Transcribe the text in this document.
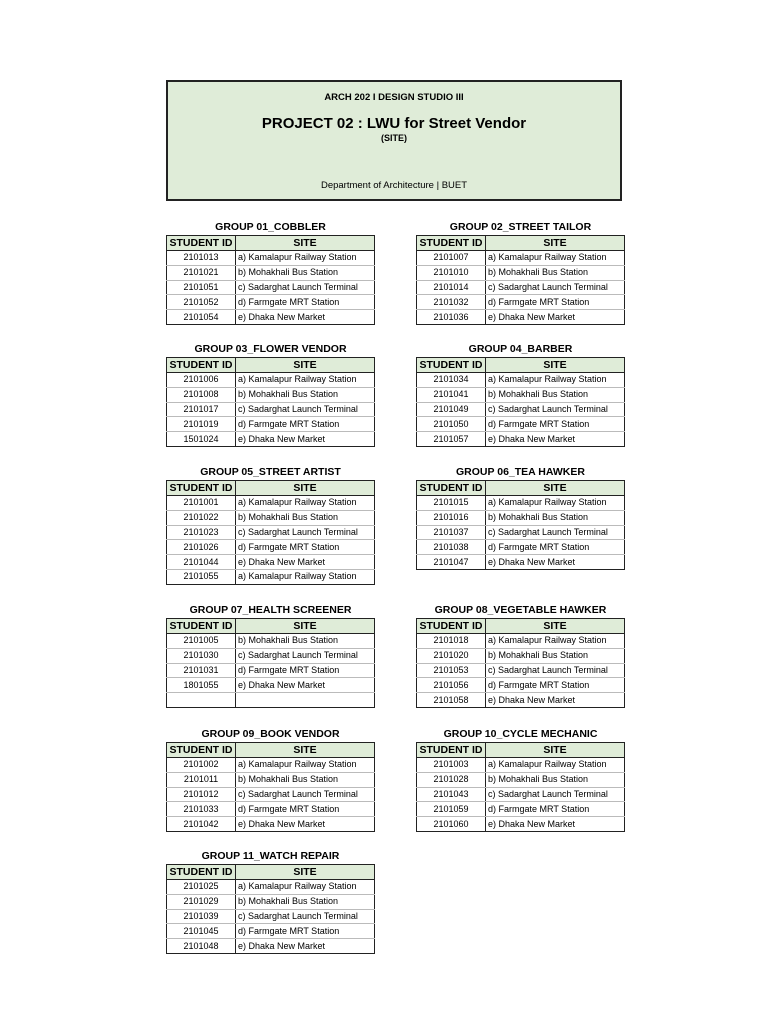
ARCH 202 I DESIGN STUDIO III
PROJECT 02 : LWU for Street Vendor
(SITE)
Department of Architecture | BUET
GROUP 01_COBBLER
STUDENT ID	SITE
2101013	a) Kamalapur Railway Station
2101021	b) Mohakhali Bus Station
2101051	c) Sadarghat Launch Terminal
2101052	d) Farmgate MRT Station
2101054	e) Dhaka New Market
GROUP 02_STREET TAILOR
STUDENT ID	SITE
2101007	a) Kamalapur Railway Station
2101010	b) Mohakhali Bus Station
2101014	c) Sadarghat Launch Terminal
2101032	d) Farmgate MRT Station
2101036	e) Dhaka New Market
GROUP 03_FLOWER VENDOR
STUDENT ID	SITE
2101006	a) Kamalapur Railway Station
2101008	b) Mohakhali Bus Station
2101017	c) Sadarghat Launch Terminal
2101019	d) Farmgate MRT Station
1501024	e) Dhaka New Market
GROUP 04_BARBER
STUDENT ID	SITE
2101034	a) Kamalapur Railway Station
2101041	b) Mohakhali Bus Station
2101049	c) Sadarghat Launch Terminal
2101050	d) Farmgate MRT Station
2101057	e) Dhaka New Market
GROUP 05_STREET ARTIST
STUDENT ID	SITE
2101001	a) Kamalapur Railway Station
2101022	b) Mohakhali Bus Station
2101023	c) Sadarghat Launch Terminal
2101026	d) Farmgate MRT Station
2101044	e) Dhaka New Market
2101055	a) Kamalapur Railway Station
GROUP 06_TEA HAWKER
STUDENT ID	SITE
2101015	a) Kamalapur Railway Station
2101016	b) Mohakhali Bus Station
2101037	c) Sadarghat Launch Terminal
2101038	d) Farmgate MRT Station
2101047	e) Dhaka New Market
GROUP 07_HEALTH SCREENER
STUDENT ID	SITE
2101005	b) Mohakhali Bus Station
2101030	c) Sadarghat Launch Terminal
2101031	d) Farmgate MRT Station
1801055	e) Dhaka New Market

GROUP 08_VEGETABLE HAWKER
STUDENT ID	SITE
2101018	a) Kamalapur Railway Station
2101020	b) Mohakhali Bus Station
2101053	c) Sadarghat Launch Terminal
2101056	d) Farmgate MRT Station
2101058	e) Dhaka New Market
GROUP 09_BOOK VENDOR
STUDENT ID	SITE
2101002	a) Kamalapur Railway Station
2101011	b) Mohakhali Bus Station
2101012	c) Sadarghat Launch Terminal
2101033	d) Farmgate MRT Station
2101042	e) Dhaka New Market
GROUP 10_CYCLE MECHANIC
STUDENT ID	SITE
2101003	a) Kamalapur Railway Station
2101028	b) Mohakhali Bus Station
2101043	c) Sadarghat Launch Terminal
2101059	d) Farmgate MRT Station
2101060	e) Dhaka New Market
GROUP 11_WATCH REPAIR
STUDENT ID	SITE
2101025	a) Kamalapur Railway Station
2101029	b) Mohakhali Bus Station
2101039	c) Sadarghat Launch Terminal
2101045	d) Farmgate MRT Station
2101048	e) Dhaka New Market
